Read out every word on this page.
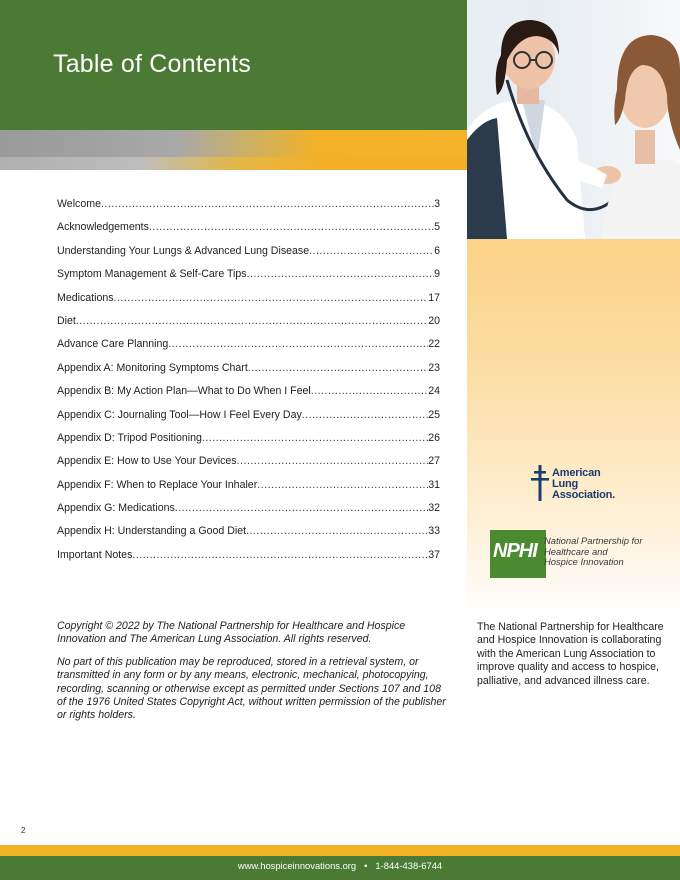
Table of Contents
Welcome .....	3
Acknowledgements .....	5
Understanding Your Lungs & Advanced Lung Disease .....	6
Symptom Management & Self-Care Tips .....	9
Medications .....	17
Diet .....	20
Advance Care Planning .....	22
Appendix A: Monitoring Symptoms Chart .....	23
Appendix B: My Action Plan—What to Do When I Feel .....	24
Appendix C: Journaling Tool—How I Feel Every Day .....	25
Appendix D: Tripod Positioning .....	26
Appendix E: How to Use Your Devices .....	27
Appendix F: When to Replace Your Inhaler .....	31
Appendix G: Medications .....	32
Appendix H: Understanding a Good Diet .....	33
Important Notes .....	37
American
Lung
Association.
NPHI National Partnership for
Healthcare and
Hospice Innovation

Copyright © 2022 by The National Partnership for Healthcare and Hospice Innovation and The American Lung Association. All rights reserved.

No part of this publication may be reproduced, stored in a retrieval system, or transmitted in any form or by any means, electronic, mechanical, photocopying, recording, scanning or otherwise except as permitted under Sections 107 and 108 of the 1976 United States Copyright Act, without written permission of the publisher or rights holders.

The National Partnership for Healthcare and Hospice Innovation is collaborating with the American Lung Association to improve quality and access to hospice, palliative, and advanced illness care.
2
www.hospiceinnovations.org • 1-844-438-6744
